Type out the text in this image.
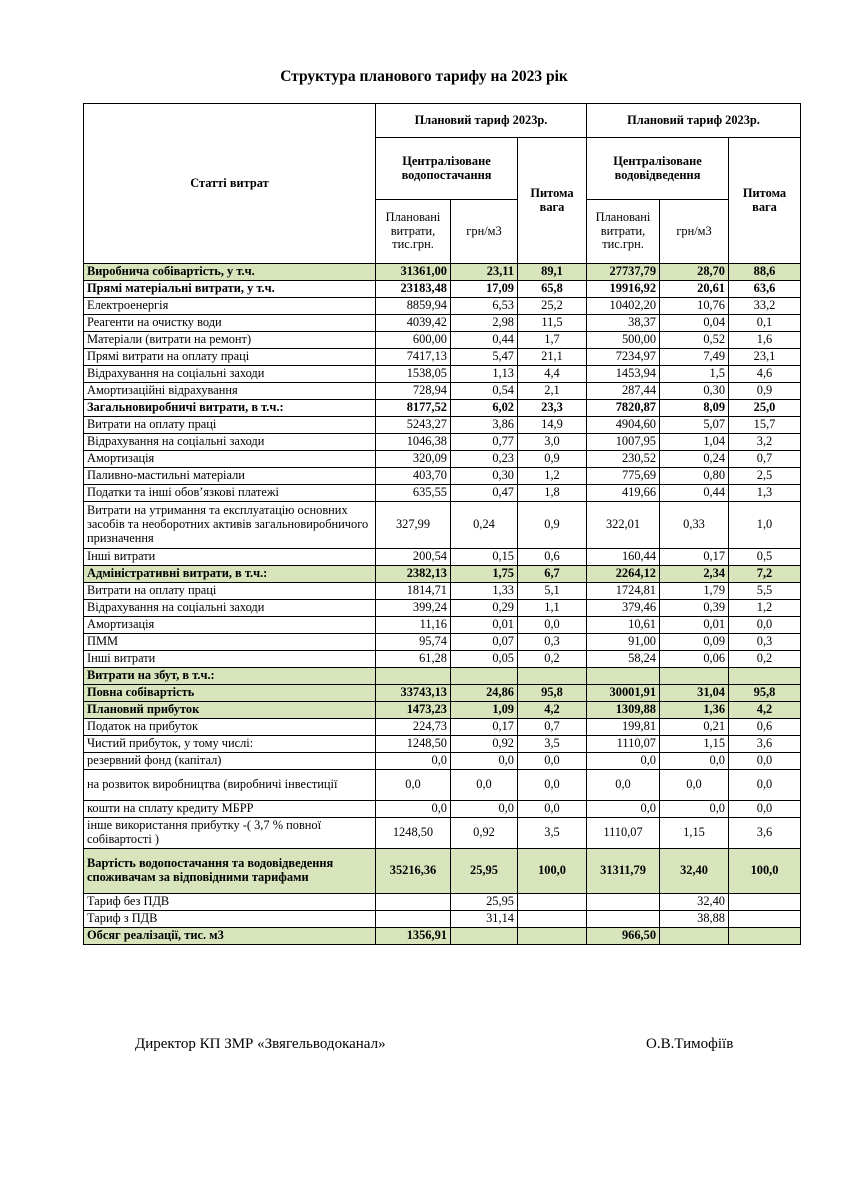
Структура планового тарифу на 2023 рік
Статті витрат	Плановий тариф 2023р.			Плановий тариф 2023р.		
	Централізоване водопостачання		Питома вага	Централізоване водовідведення		Питома вага
	Плановані витрати, тис.грн.	грн/м3		Плановані витрати, тис.грн.	грн/м3	
Виробнича собівартість, у т.ч.	31361,00	23,11	89,1	27737,79	28,70	88,6
Прямі матеріальні витрати, у т.ч.	23183,48	17,09	65,8	19916,92	20,61	63,6
Електроенергія	8859,94	6,53	25,2	10402,20	10,76	33,2
Реагенти на очистку води	4039,42	2,98	11,5	38,37	0,04	0,1
Матеріали (витрати на ремонт)	600,00	0,44	1,7	500,00	0,52	1,6
Прямі витрати на оплату праці	7417,13	5,47	21,1	7234,97	7,49	23,1
Відрахування на соціальні заходи	1538,05	1,13	4,4	1453,94	1,5	4,6
Амортизаційні відрахування	728,94	0,54	2,1	287,44	0,30	0,9
Загальновиробничі витрати, в т.ч.:	8177,52	6,02	23,3	7820,87	8,09	25,0
Витрати на оплату праці	5243,27	3,86	14,9	4904,60	5,07	15,7
Відрахування на соціальні заходи	1046,38	0,77	3,0	1007,95	1,04	3,2
Амортизація	320,09	0,23	0,9	230,52	0,24	0,7
Паливно-мастильні матеріали	403,70	0,30	1,2	775,69	0,80	2,5
Податки та інші обов’язкові платежі	635,55	0,47	1,8	419,66	0,44	1,3
Витрати на утримання та експлуатацію основних засобів та необоротних активів загальновиробничого призначення	327,99	0,24	0,9	322,01	0,33	1,0
Інші витрати	200,54	0,15	0,6	160,44	0,17	0,5
Адміністративні витрати, в т.ч.:	2382,13	1,75	6,7	2264,12	2,34	7,2
Витрати на оплату праці	1814,71	1,33	5,1	1724,81	1,79	5,5
Відрахування на соціальні заходи	399,24	0,29	1,1	379,46	0,39	1,2
Амортизація	11,16	0,01	0,0	10,61	0,01	0,0
ПММ	95,74	0,07	0,3	91,00	0,09	0,3
Інші витрати	61,28	0,05	0,2	58,24	0,06	0,2
Витрати на збут, в т.ч.:						
Повна собівартість	33743,13	24,86	95,8	30001,91	31,04	95,8
Плановий прибуток	1473,23	1,09	4,2	1309,88	1,36	4,2
Податок на прибуток	224,73	0,17	0,7	199,81	0,21	0,6
Чистий прибуток, у тому числі:	1248,50	0,92	3,5	1110,07	1,15	3,6
резервний фонд (капітал)	0,0	0,0	0,0	0,0	0,0	0,0
на розвиток виробництва (виробничі інвестиції	0,0	0,0	0,0	0,0	0,0	0,0
кошти на сплату кредиту МБРР	0,0	0,0	0,0	0,0	0,0	0,0
інше використання прибутку -( 3,7 % повної собівартості )	1248,50	0,92	3,5	1110,07	1,15	3,6
Вартість водопостачання та водовідведення споживачам за відповідними тарифами	35216,36	25,95	100,0	31311,79	32,40	100,0
Тариф без ПДВ		25,95			32,40	
Тариф з ПДВ		31,14			38,88	
Обсяг реалізації, тис. м3	1356,91			966,50		
Директор КП ЗМР «Звягельводоканал»	О.В.Тимофіїв
